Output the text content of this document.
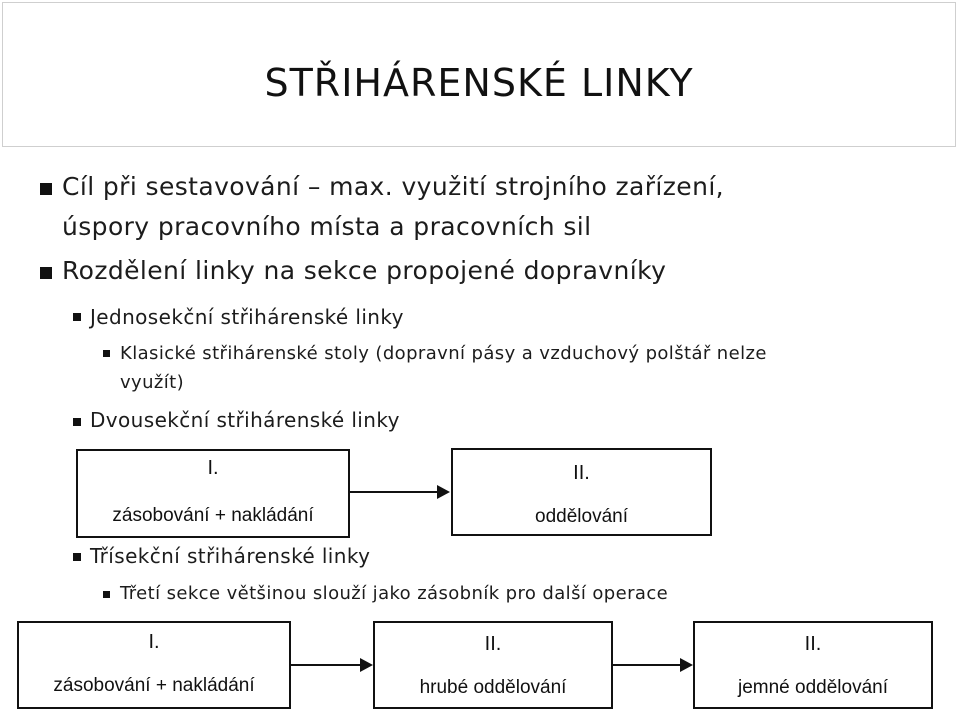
STŘIHÁRENSKÉ LINKY
Cíl při sestavování – max. využití strojního zařízení,
úspory pracovního místa a pracovních sil
Rozdělení linky na sekce propojené dopravníky
Jednosekční střihárenské linky
Klasické střihárenské stoly (dopravní pásy a vzduchový polštář nelze
využít)
Dvousekční střihárenské linky
I.
zásobování + nakládání
II.
oddělování
Třísekční střihárenské linky
Třetí sekce většinou slouží jako zásobník pro další operace
I.
zásobování + nakládání
II.
hrubé oddělování
II.
jemné oddělování
